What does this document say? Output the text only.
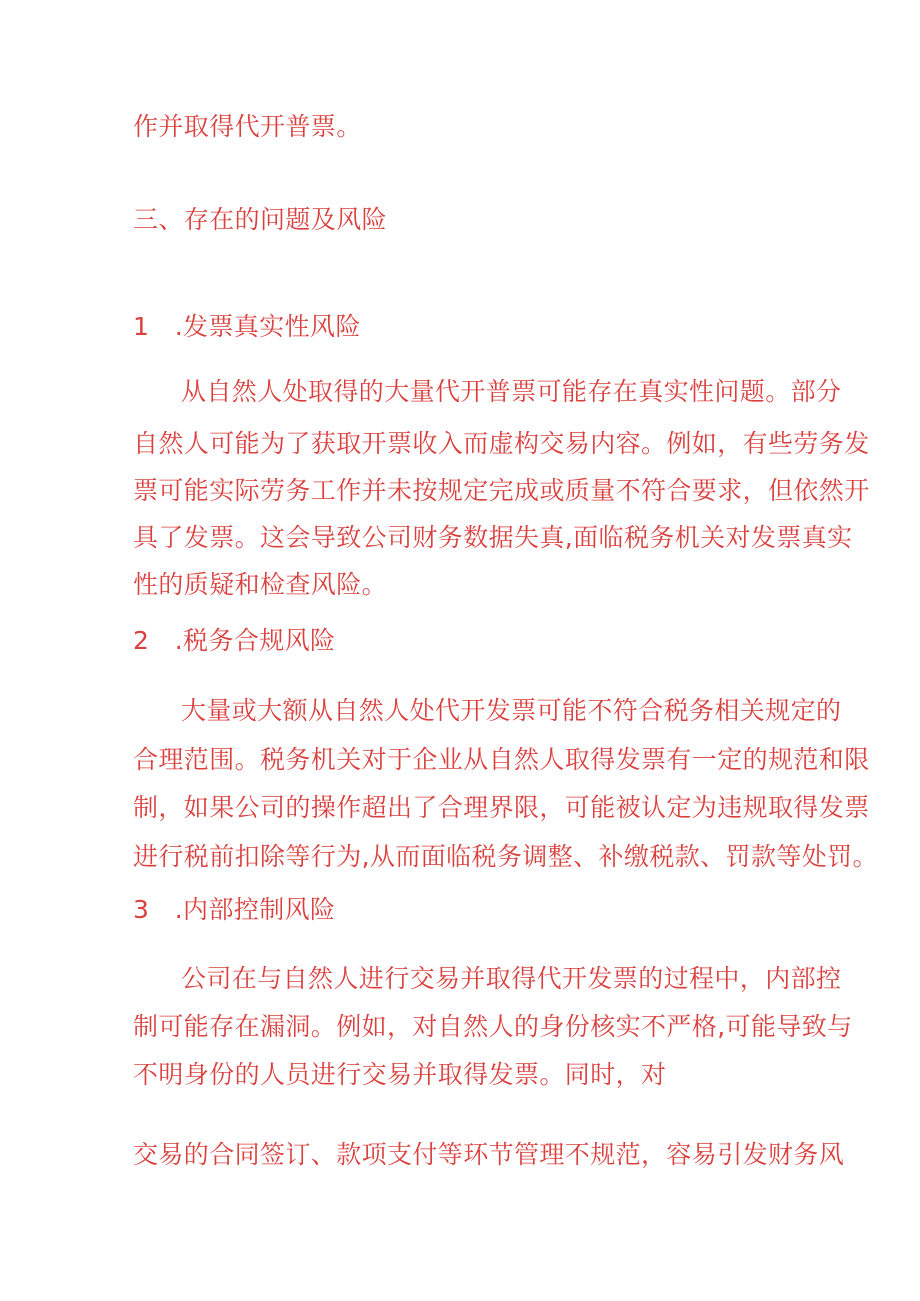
作并取得代开普票。
三、存在的问题及风险
1　.发票真实性风险
从自然人处取得的大量代开普票可能存在真实性问题。部分
自然人可能为了获取开票收入而虚构交易内容。例如，有些劳务发
票可能实际劳务工作并未按规定完成或质量不符合要求，但依然开
具了发票。这会导致公司财务数据失真,面临税务机关对发票真实
性的质疑和检查风险。
2　.税务合规风险
大量或大额从自然人处代开发票可能不符合税务相关规定的
合理范围。税务机关对于企业从自然人取得发票有一定的规范和限
制，如果公司的操作超出了合理界限，可能被认定为违规取得发票
进行税前扣除等行为,从而面临税务调整、补缴税款、罚款等处罚。
3　.内部控制风险
公司在与自然人进行交易并取得代开发票的过程中，内部控
制可能存在漏洞。例如，对自然人的身份核实不严格,可能导致与
不明身份的人员进行交易并取得发票。同时，对
交易的合同签订、款项支付等环节管理不规范，容易引发财务风
